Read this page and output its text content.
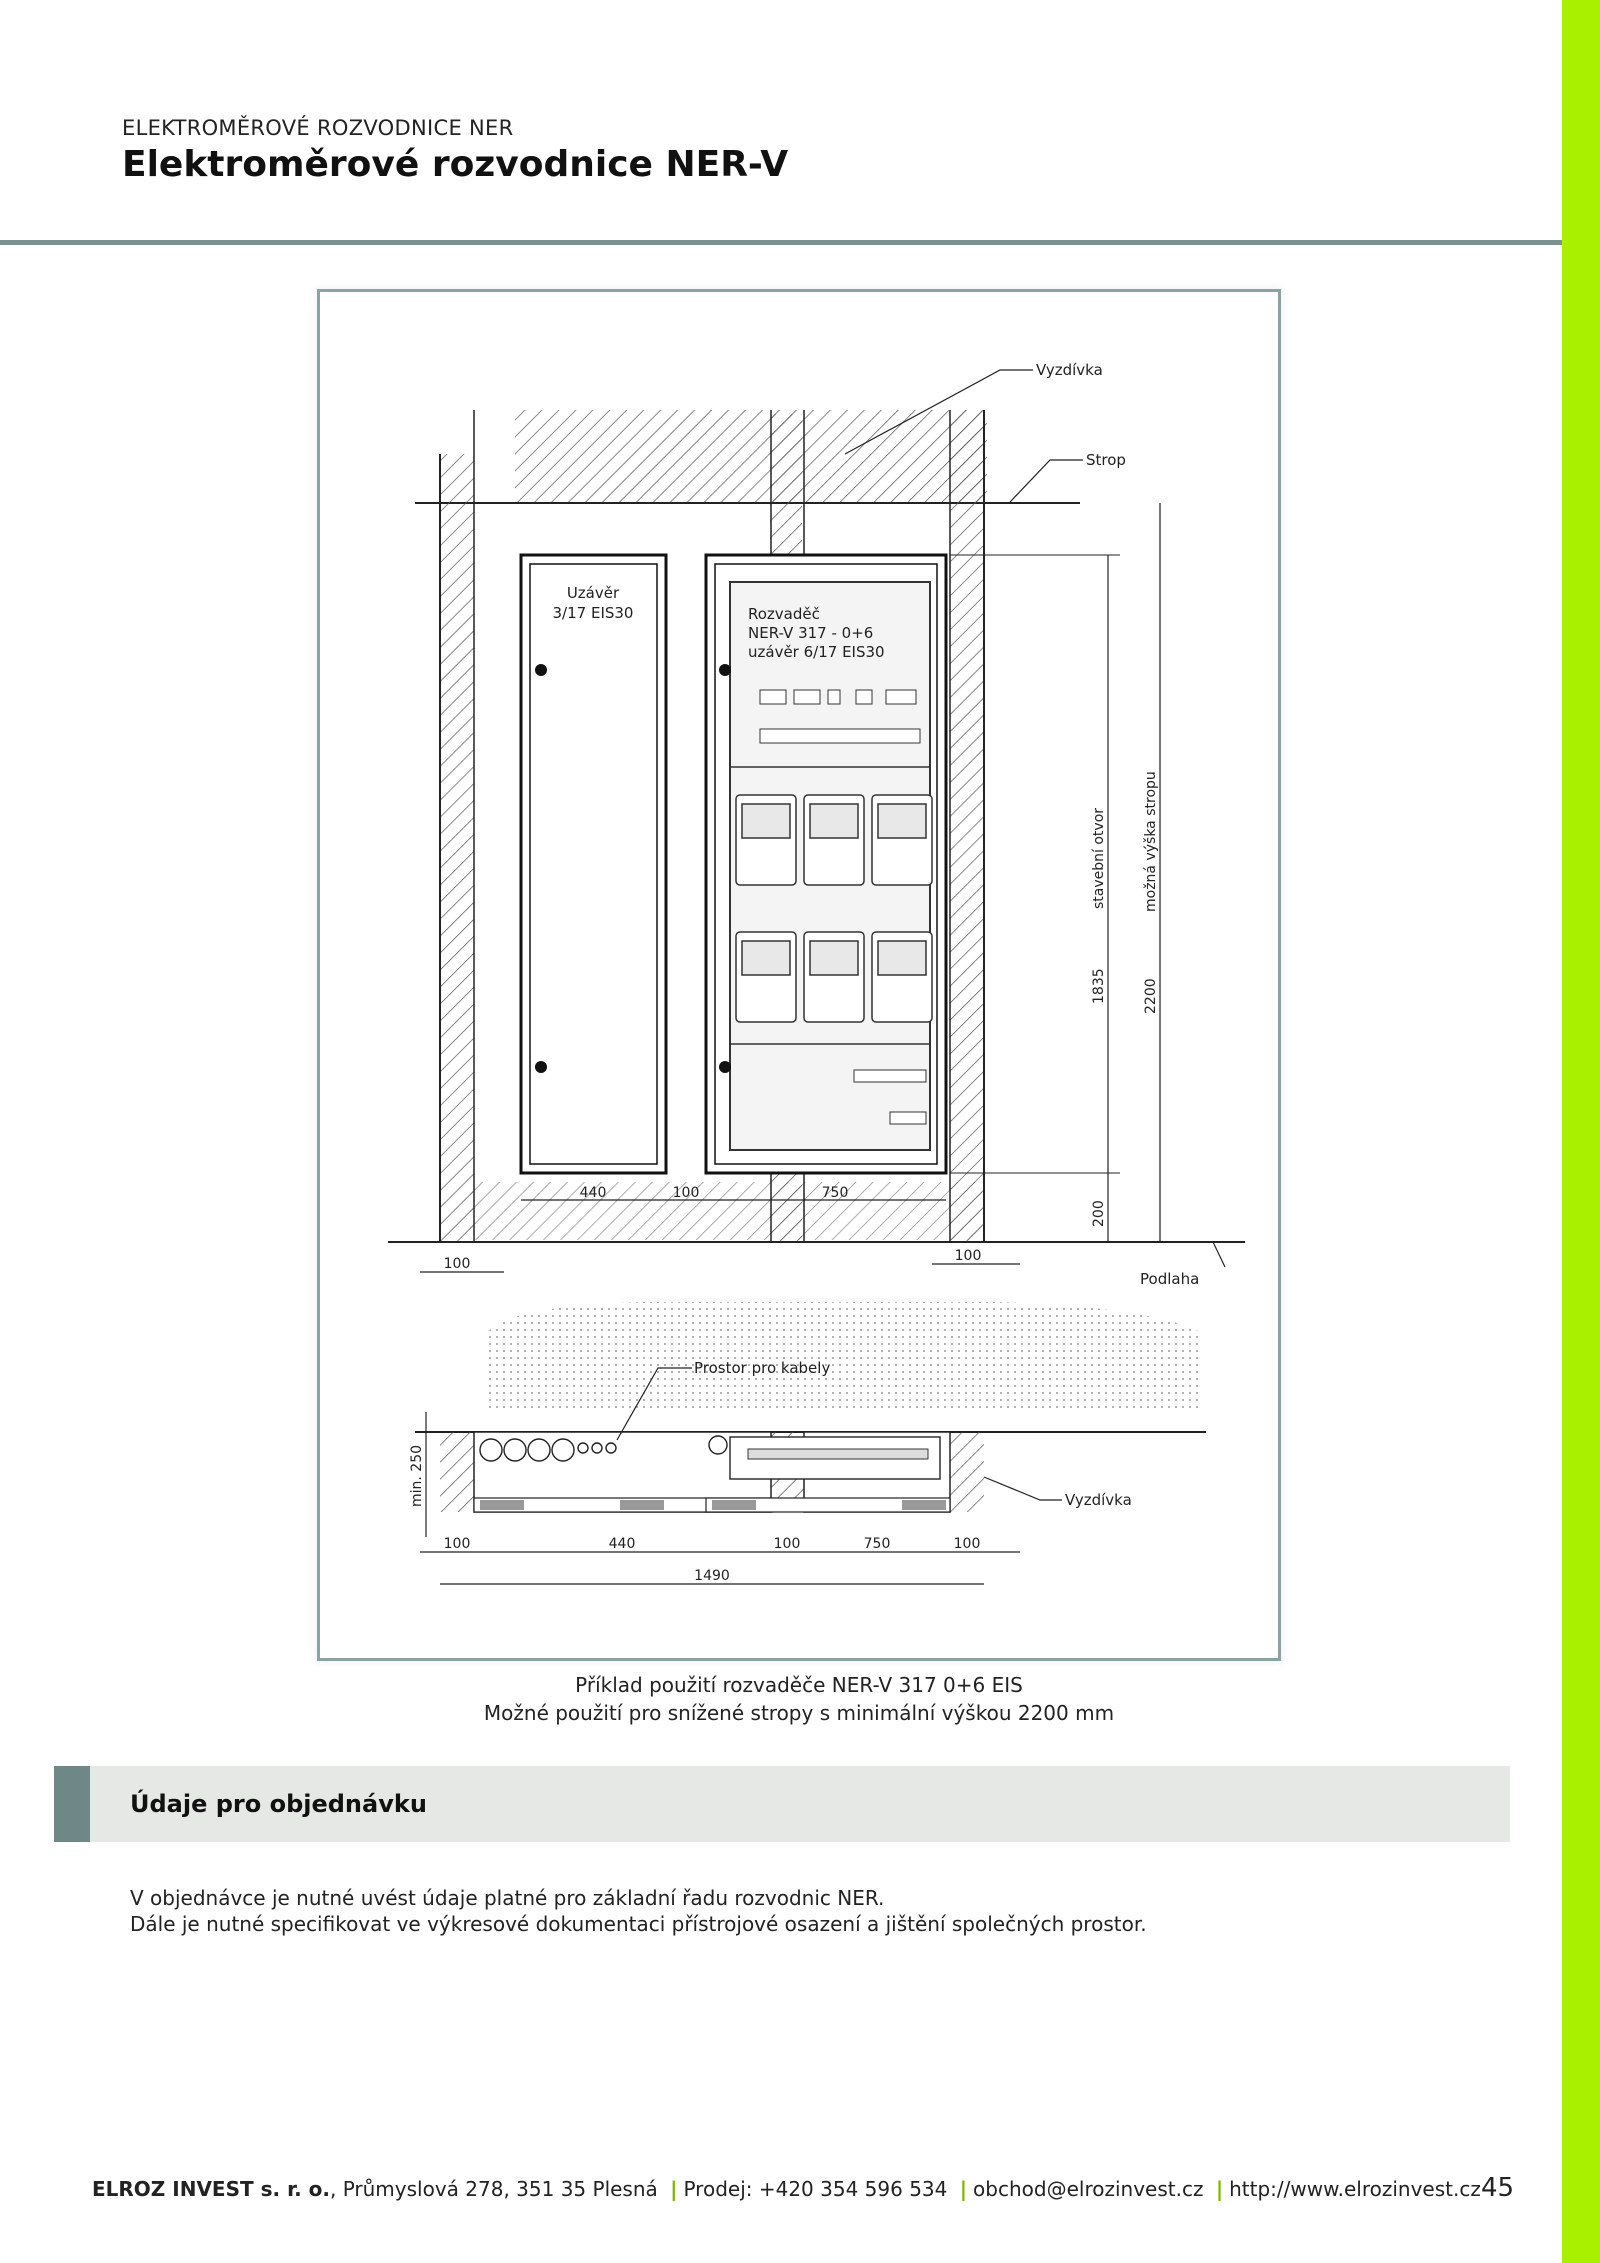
ELEKTROMĚROVÉ ROZVODNICE NER
Elektroměrové rozvodnice NER-V
Uzávěr
3/17 EIS30	Rozvaděč
NER-V 317 - 0+6
uzávěr 6/17 EIS30
Vyzdívka
Strop
Podlaha
stavební otvor	možná výška stropu
1835	2200
200
440	100	750
100	100
Prostor pro kabely
Vyzdívka
min. 250
100	440	100	750	100
1490
Příklad použití rozvaděče NER-V 317 0+6 EIS
Možné použití pro snížené stropy s minimální výškou 2200 mm
Údaje pro objednávku
V objednávce je nutné uvést údaje platné pro základní řadu rozvodnic NER.
Dále je nutné specifikovat ve výkresové dokumentaci přístrojové osazení a jištění společných prostor.
ELROZ INVEST s. r. o., Průmyslová 278, 351 35 Plesná | Prodej: +420 354 596 534 | obchod@elrozinvest.cz | http://www.elrozinvest.cz 45
